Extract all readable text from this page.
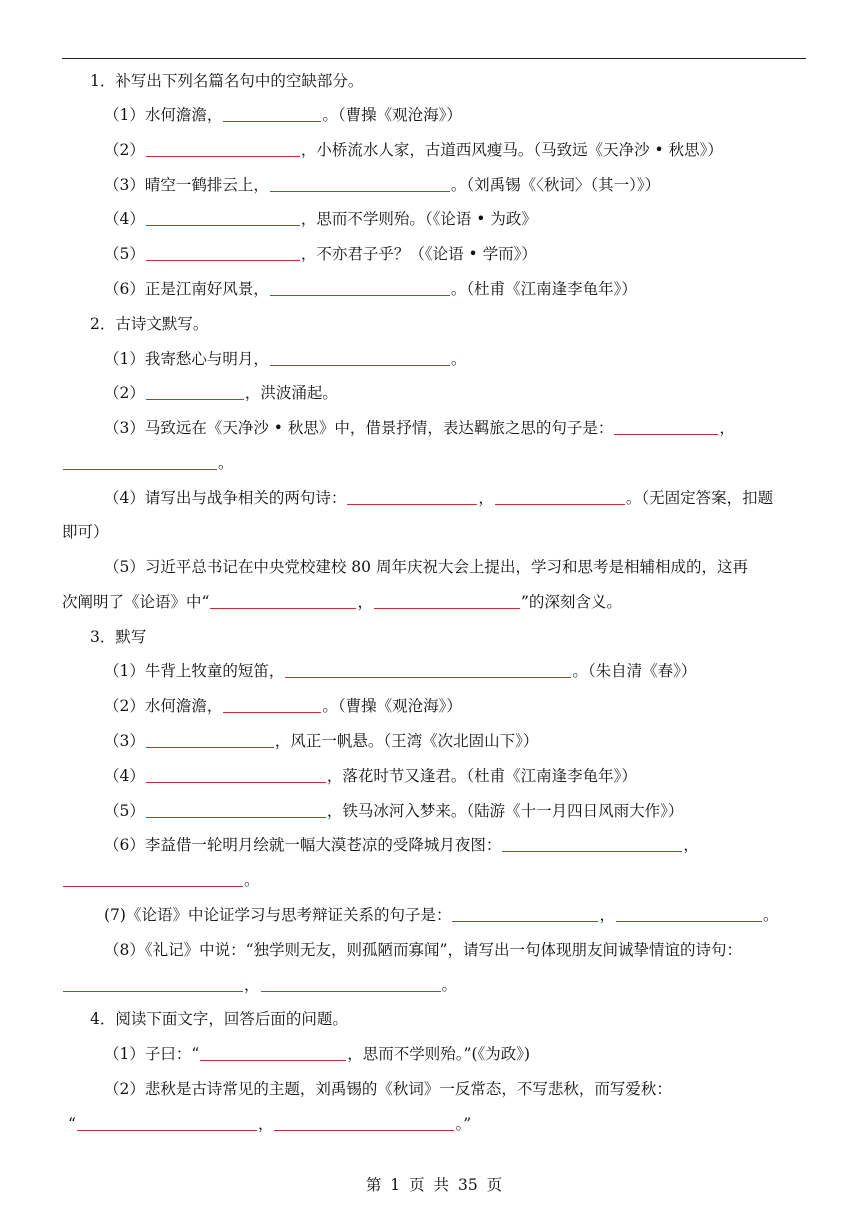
1．补写出下列名篇名句中的空缺部分。
（1）水何澹澹，	。（曹操《观沧海》）
（2）	，小桥流水人家，古道西风瘦马。（马致远《天净沙 • 秋思》）
（3）晴空一鹤排云上，	。（刘禹锡《〈秋词〉（其一）》）
（4）	，思而不学则殆。（《论语 • 为政》
（5）	，不亦君子乎？（《论语 • 学而》）
（6）正是江南好风景，	。（杜甫《江南逢李龟年》）
2．古诗文默写。
（1）我寄愁心与明月，	。
（2）	，洪波涌起。
（3）马致远在《天净沙 • 秋思》中，借景抒情，表达羁旅之思的句子是：	，
。
（4）请写出与战争相关的两句诗：	，	。（无固定答案，扣题
即可）
（5）习近平总书记在中央党校建校 80 周年庆祝大会上提出，学习和思考是相辅相成的，这再
次阐明了《论语》中“	，	”的深刻含义。
3．默写
（1）牛背上牧童的短笛，	。（朱自清《春》）
（2）水何澹澹，	。（曹操《观沧海》）
（3）	，风正一帆悬。（王湾《次北固山下》）
（4）	，落花时节又逢君。（杜甫《江南逢李龟年》）
（5）	，铁马冰河入梦来。（陆游《十一月四日风雨大作》）
（6）李益借一轮明月绘就一幅大漠苍凉的受降城月夜图：	，
。
(7)《论语》中论证学习与思考辩证关系的句子是：	，	。
（8）《礼记》中说：“独学则无友，则孤陋而寡闻”，请写出一句体现朋友间诚挚情谊的诗句：
，	。
4．阅读下面文字，回答后面的问题。
（1）子曰：“	，思而不学则殆。”(《为政》)
（2）悲秋是古诗常见的主题，刘禹锡的《秋词》一反常态，不写悲秋，而写爱秋：
“	，	。”
第 1 页 共 35 页
